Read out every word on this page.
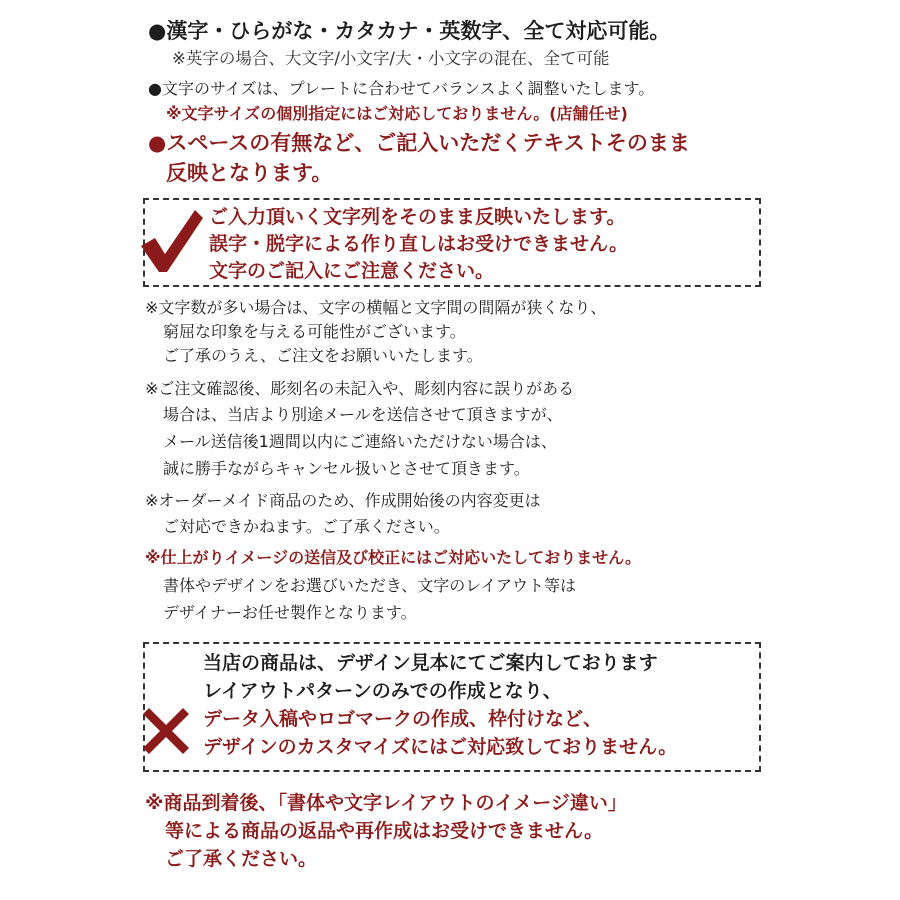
●漢字・ひらがな・カタカナ・英数字、全て対応可能。
※英字の場合、大文字/小文字/大・小文字の混在、全て可能
●文字のサイズは、プレートに合わせてバランスよく調整いたします。
※文字サイズの個別指定にはご対応しておりません。(店舗任せ)
●スペースの有無など、ご記入いただくテキストそのまま
反映となります。
ご入力頂いく文字列をそのまま反映いたします。
誤字・脱字による作り直しはお受けできません。
文字のご記入にご注意ください。
※文字数が多い場合は、文字の横幅と文字間の間隔が狭くなり、
窮屈な印象を与える可能性がございます。
ご了承のうえ、ご注文をお願いいたします。
※ご注文確認後、彫刻名の未記入や、彫刻内容に誤りがある
場合は、当店より別途メールを送信させて頂きますが、
メール送信後1週間以内にご連絡いただけない場合は、
誠に勝手ながらキャンセル扱いとさせて頂きます。
※オーダーメイド商品のため、作成開始後の内容変更は
ご対応できかねます。ご了承ください。
※仕上がりイメージの送信及び校正にはご対応いたしておりません。
書体やデザインをお選びいただき、文字のレイアウト等は
デザイナーお任せ製作となります。
当店の商品は、デザイン見本にてご案内しております
レイアウトパターンのみでの作成となり、
データ入稿やロゴマークの作成、枠付けなど、
デザインのカスタマイズにはご対応致しておりません。
※商品到着後、「書体や文字レイアウトのイメージ違い」
等による商品の返品や再作成はお受けできません。
ご了承ください。
